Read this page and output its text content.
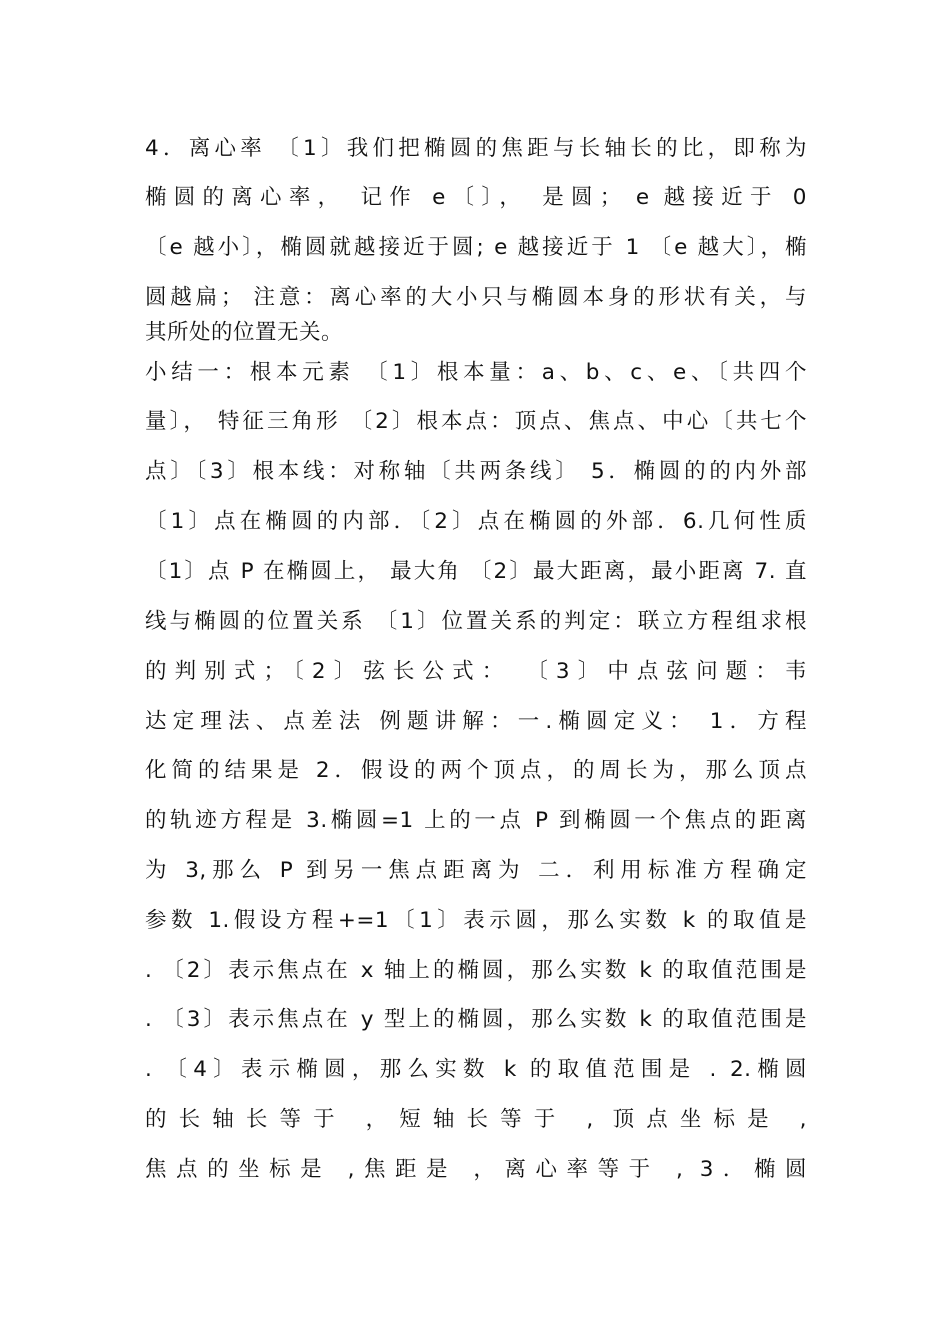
4．离心率 〔1〕我们把椭圆的焦距与长轴长的比，即称为
椭圆的离心率， 记作 e〔〕， 是圆； e 越接近于 0
〔e 越小〕，椭圆就越接近于圆; e 越接近于 1 〔e 越大〕，椭
圆越扁； 注意：离心率的大小只与椭圆本身的形状有关，与
其所处的位置无关。
小结一：根本元素 〔1〕根本量：a、b、c、e、〔共四个
量〕， 特征三角形 〔2〕根本点：顶点、焦点、中心〔共七个
点〕〔3〕根本线：对称轴〔共两条线〕 5．椭圆的的内外部
〔1〕点在椭圆的内部．〔2〕点在椭圆的外部．6.几何性质
〔1〕点 P 在椭圆上， 最大角 〔2〕最大距离，最小距离 7. 直
线与椭圆的位置关系 〔1〕位置关系的判定：联立方程组求根
的判别式；〔2〕弦长公式： 〔3〕中点弦问题：韦
达定理法、点差法 例题讲解：一.椭圆定义： 1．方程
化简的结果是 2．假设的两个顶点，的周长为，那么顶点
的轨迹方程是 3.椭圆=1 上的一点 P 到椭圆一个焦点的距离
为 3,那么 P 到另一焦点距离为 二．利用标准方程确定
参数 1.假设方程+=1〔1〕表示圆，那么实数 k 的取值是
. 〔2〕表示焦点在 x 轴上的椭圆，那么实数 k 的取值范围是
. 〔3〕表示焦点在 y 型上的椭圆，那么实数 k 的取值范围是
. 〔4〕表示椭圆，那么实数 k 的取值范围是 . 2.椭圆
的长轴长等于 ，短轴长等于 , 顶点坐标是 ,
焦点的坐标是 ,焦距是 ，离心率等于 , 3．椭圆
